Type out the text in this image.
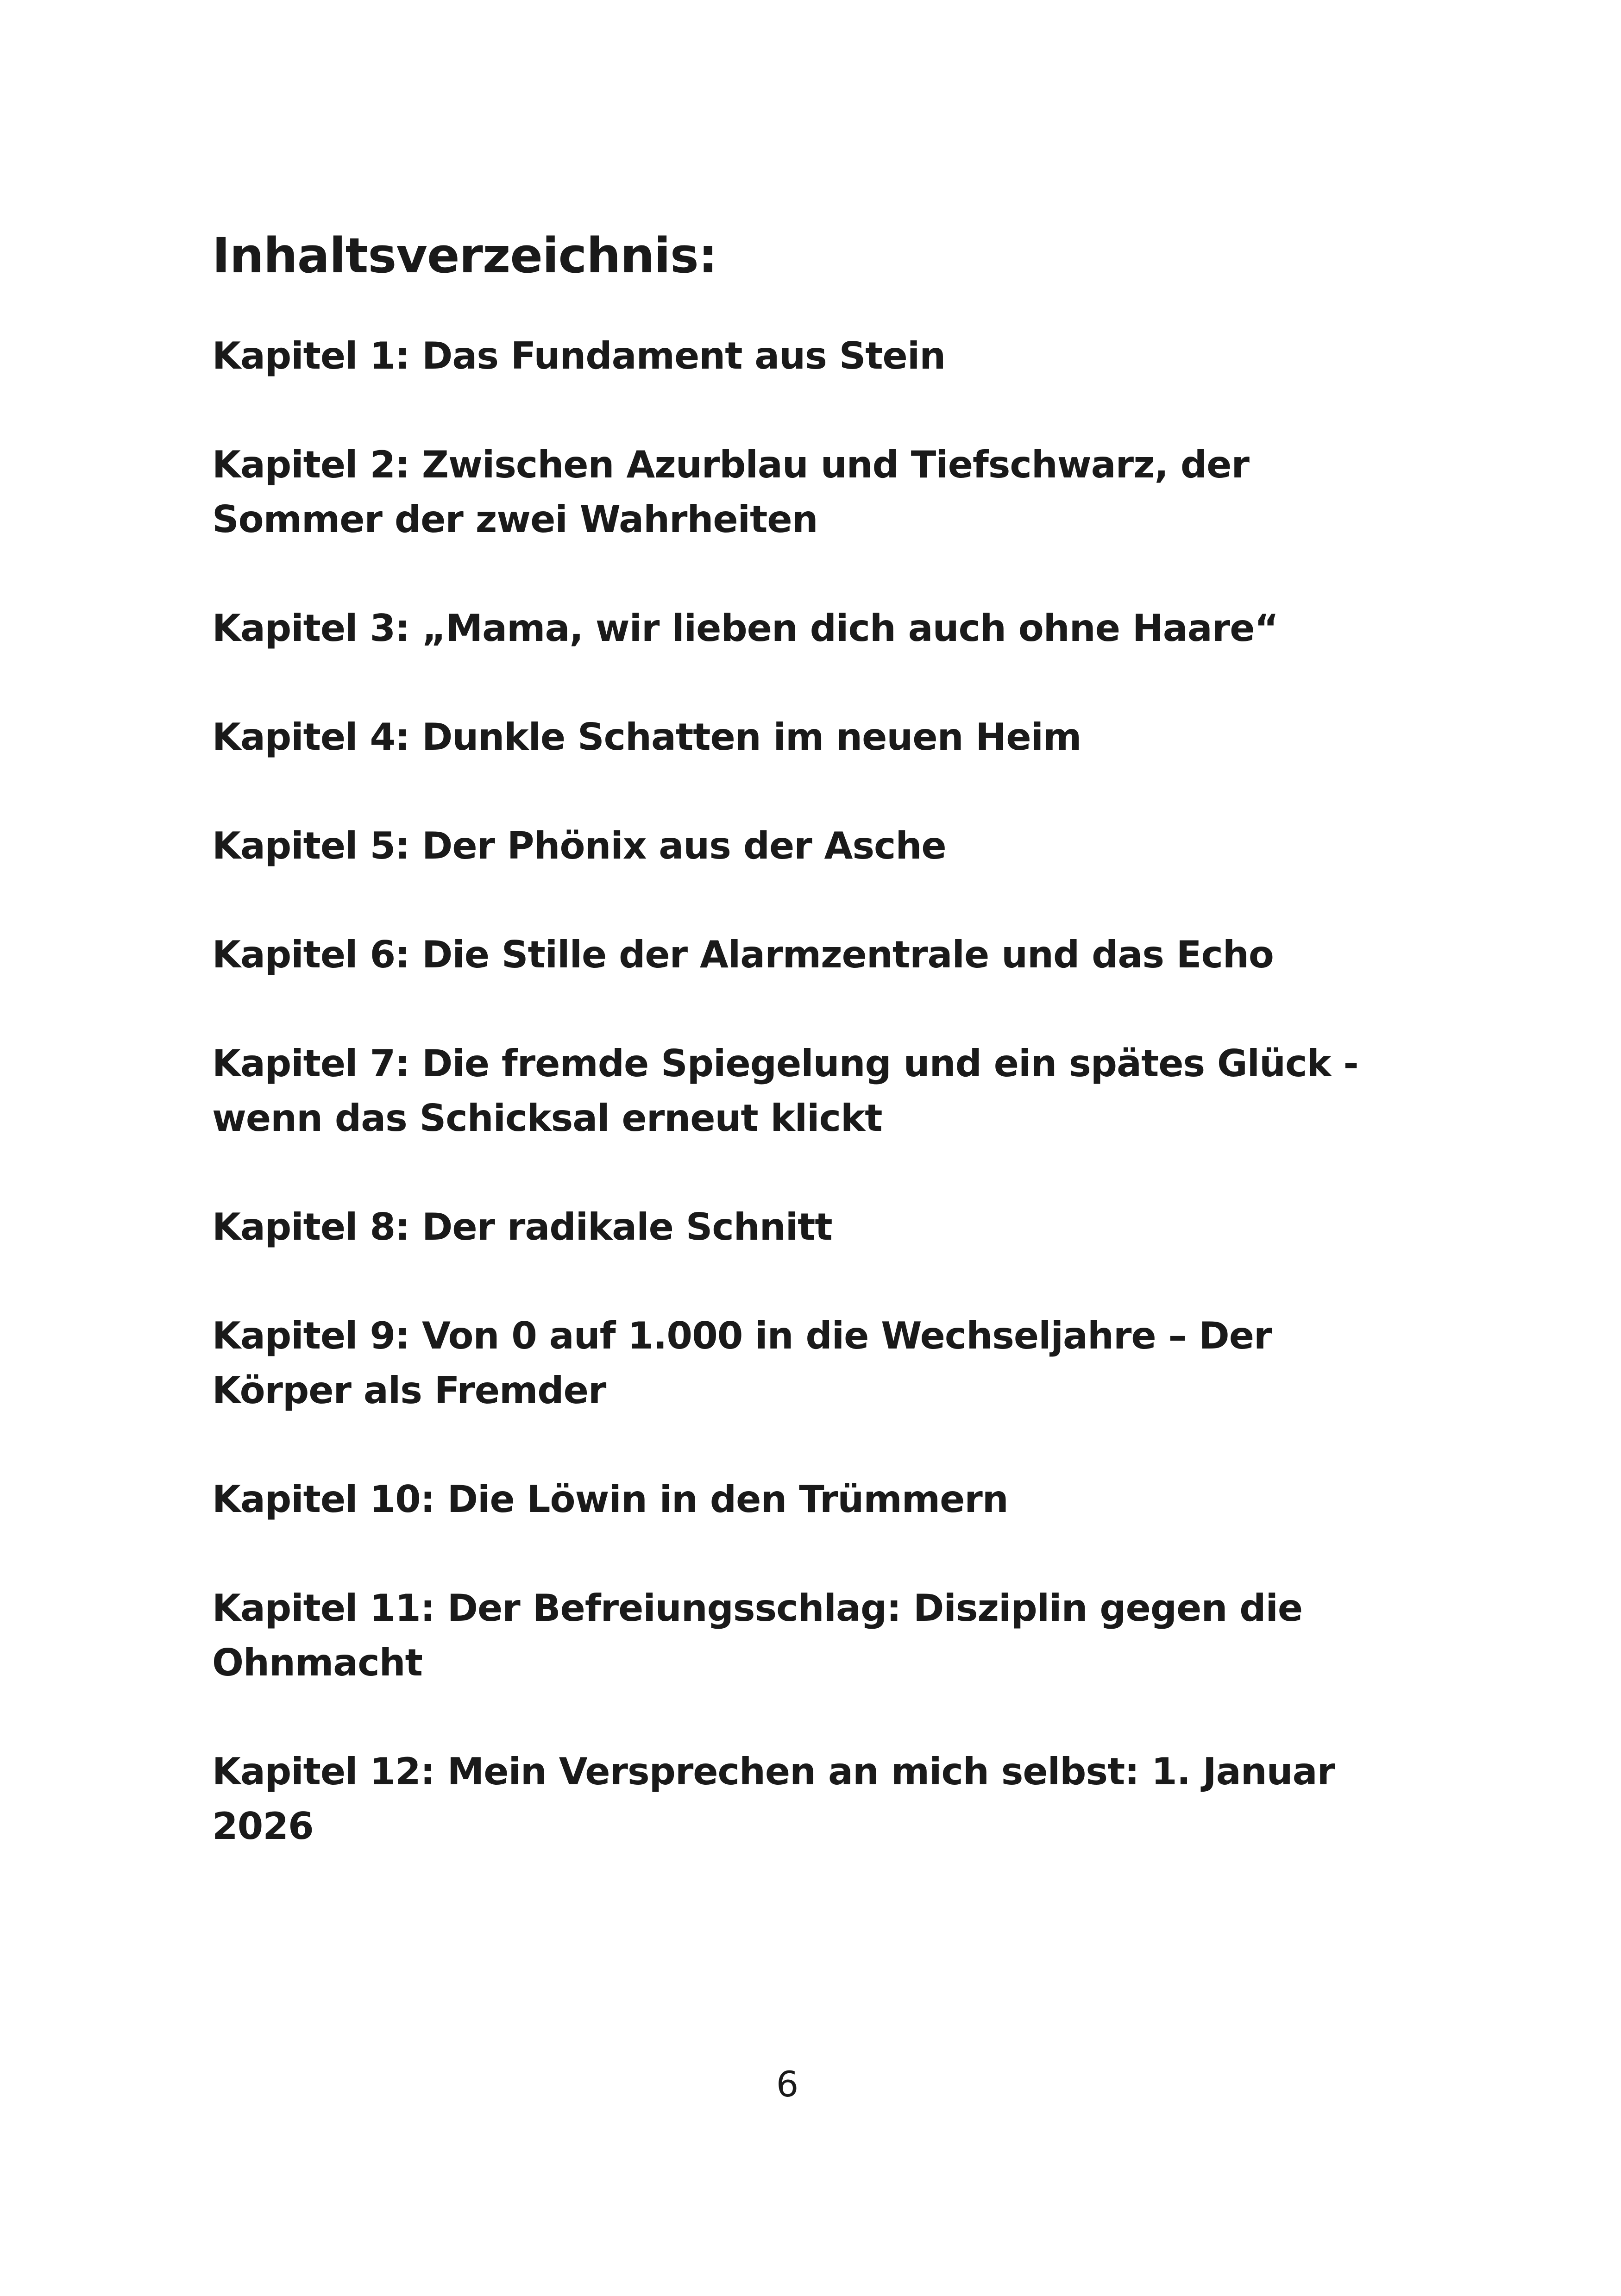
Inhaltsverzeichnis:
Kapitel 1: Das Fundament aus Stein
Kapitel 2: Zwischen Azurblau und Tiefschwarz, der Sommer der zwei Wahrheiten
Kapitel 3: „Mama, wir lieben dich auch ohne Haare“
Kapitel 4: Dunkle Schatten im neuen Heim
Kapitel 5: Der Phönix aus der Asche
Kapitel 6: Die Stille der Alarmzentrale und das Echo
Kapitel 7: Die fremde Spiegelung und ein spätes Glück - wenn das Schicksal erneut klickt
Kapitel 8: Der radikale Schnitt
Kapitel 9: Von 0 auf 1.000 in die Wechseljahre – Der Körper als Fremder
Kapitel 10: Die Löwin in den Trümmern
Kapitel 11: Der Befreiungsschlag: Disziplin gegen die Ohnmacht
Kapitel 12: Mein Versprechen an mich selbst: 1. Januar 2026
6
